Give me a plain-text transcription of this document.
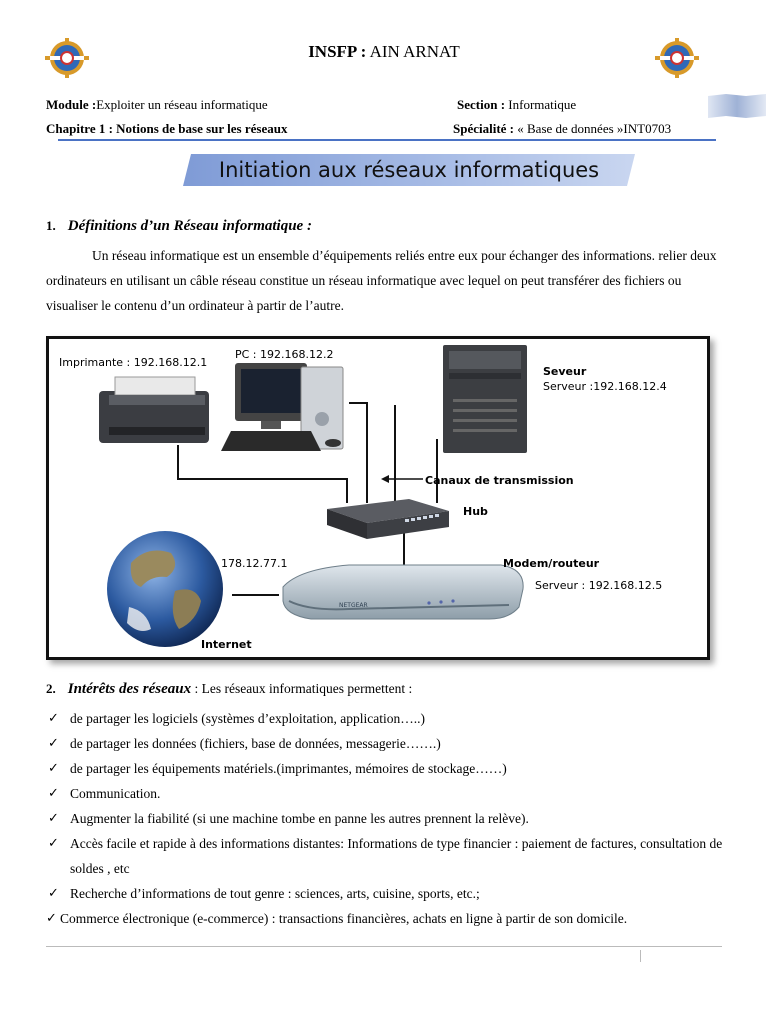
INSFP : AIN ARNAT
Module :Exploiter un réseau informatique	Section : Informatique
Chapitre 1 : Notions de base sur les réseaux	Spécialité : « Base de données »INT0703
Initiation aux réseaux informatiques
1. Définitions d’un Réseau informatique :
Un réseau informatique est un ensemble d’équipements reliés entre eux pour échanger des informations. relier deux ordinateurs en utilisant un câble réseau constitue un réseau informatique avec lequel on peut transférer des fichiers ou visualiser le contenu d’un ordinateur à partir de l’autre.
Imprimante : 192.168.12.1
PC : 192.168.12.2
Seveur
Serveur :192.168.12.4
Canaux de transmission
Hub
178.12.77.1	Modem/routeur
Serveur : 192.168.12.5
Internet
NETGEAR
2. Intérêts des réseaux : Les réseaux informatiques permettent :
✓ de partager les logiciels (systèmes d’exploitation, application…..)
✓ de partager les données (fichiers, base de données, messagerie…….)
✓ de partager les équipements matériels.(imprimantes, mémoires de stockage……)
✓ Communication.
✓ Augmenter la fiabilité (si une machine tombe en panne les autres prennent la relève).
✓ Accès facile et rapide à des informations distantes: Informations de type financier : paiement de factures, consultation de soldes , etc
✓ Recherche d’informations de tout genre : sciences, arts, cuisine, sports, etc.;
✓ Commerce électronique (e-commerce) : transactions financières, achats en ligne à partir de son domicile.
